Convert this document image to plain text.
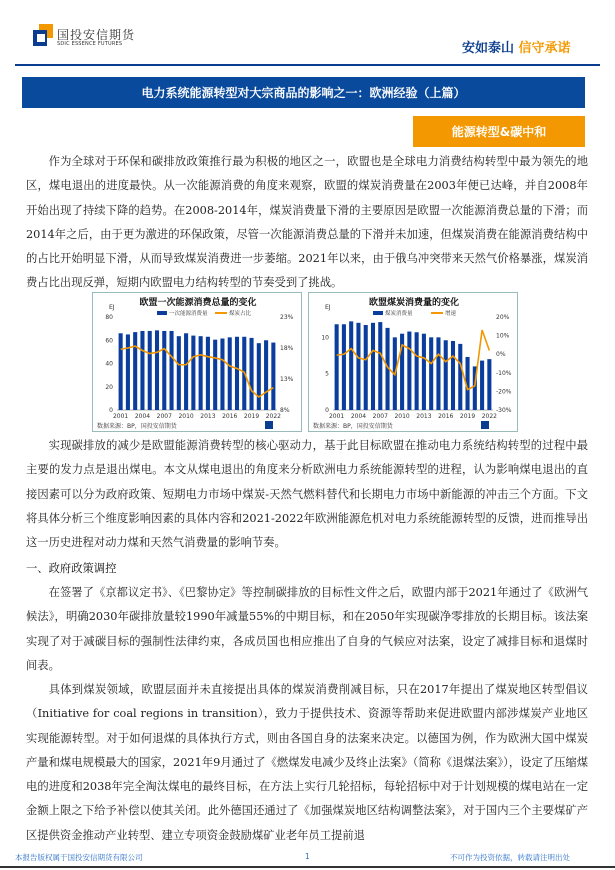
国投安信期货
SDIC ESSENCE FUTURES	安如泰山 信守承诺
电力系统能源转型对大宗商品的影响之一：欧洲经验（上篇）
能源转型&碳中和

作为全球对于环保和碳排放政策推行最为积极的地区之一，欧盟也是全球电力消费结构转型中最为领先的地区，煤电退出的进度最快。从一次能源消费的角度来观察，欧盟的煤炭消费量在2003年便已达峰，并自2008年开始出现了持续下降的趋势。在2008-2014年，煤炭消费量下滑的主要原因是欧盟一次能源消费总量的下滑；而2014年之后，由于更为激进的环保政策，尽管一次能源消费总量的下滑并未加速，但煤炭消费在能源消费结构中的占比开始明显下滑，从而导致煤炭消费进一步萎缩。2021年以来，由于俄乌冲突带来天然气价格暴涨，煤炭消费占比出现反弹，短期内欧盟电力结构转型的节奏受到了挑战。

欧盟一次能源消费总量的变化
EJ
一次能源消费量	煤炭占比
0
20
40
60
80
8%
13%
18%
23%
2001 2004 2007 2010 2013 2016 2019 2022
数据来源：BP，国投安信期货
欧盟煤炭消费量的变化
EJ
煤炭消费量	增速
0
5
10
-30%
-20%
-10%
0%
10%
20%
2001 2004 2007 2010 2013 2016 2019 2022
数据来源：BP，国投安信期货

实现碳排放的减少是欧盟能源消费转型的核心驱动力，基于此目标欧盟在推动电力系统结构转型的过程中最主要的发力点是退出煤电。本文从煤电退出的角度来分析欧洲电力系统能源转型的进程，认为影响煤电退出的直接因素可以分为政府政策、短期电力市场中煤炭-天然气燃料替代和长期电力市场中新能源的冲击三个方面。下文将具体分析三个维度影响因素的具体内容和2021-2022年欧洲能源危机对电力系统能源转型的反馈，进而推导出这一历史进程对动力煤和天然气消费量的影响节奏。

一、政府政策调控

在签署了《京都议定书》、《巴黎协定》等控制碳排放的目标性文件之后，欧盟内部于2021年通过了《欧洲气候法》，明确2030年碳排放量较1990年减量55%的中期目标，和在2050年实现碳净零排放的长期目标。该法案实现了对于减碳目标的强制性法律约束，各成员国也相应推出了自身的气候应对法案，设定了减排目标和退煤时间表。

具体到煤炭领域，欧盟层面并未直接提出具体的煤炭消费削减目标，只在2017年提出了煤炭地区转型倡议（Initiative for coal regions in transition），致力于提供技术、资源等帮助来促进欧盟内部涉煤炭产业地区实现能源转型。对于如何退煤的具体执行方式，则由各国自身的法案来决定。以德国为例，作为欧洲大国中煤炭产量和煤电规模最大的国家，2021年9月通过了《燃煤发电减少及终止法案》（简称《退煤法案》），设定了压缩煤电的进度和2038年完全淘汰煤电的最终目标，在方法上实行几轮招标，每轮招标中对于计划规模的煤电站在一定金额上限之下给予补偿以使其关闭。此外德国还通过了《加强煤炭地区结构调整法案》，对于国内三个主要煤矿产区提供资金推动产业转型、建立专项资金鼓励煤矿业老年员工提前退

本报告版权属于国投安信期货有限公司	1	不可作为投资依据，转载请注明出处
